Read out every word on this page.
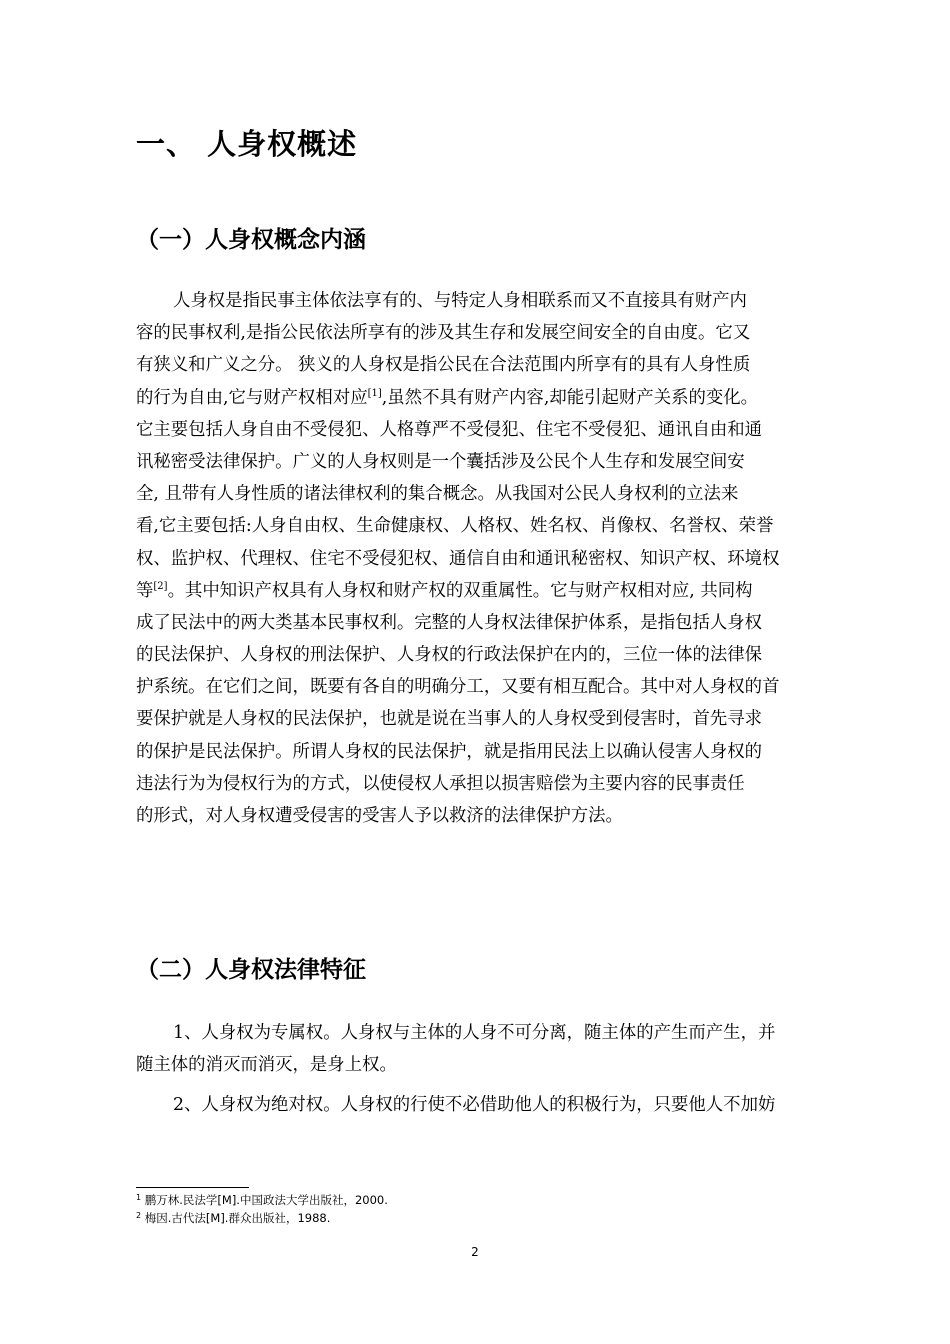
一、 人身权概述
（一）人身权概念内涵
人身权是指民事主体依法享有的、与特定人身相联系而又不直接具有财产内
容的民事权利,是指公民依法所享有的涉及其生存和发展空间安全的自由度。它又
有狭义和广义之分。 狭义的人身权是指公民在合法范围内所享有的具有人身性质
的行为自由,它与财产权相对应[1],虽然不具有财产内容,却能引起财产关系的变化。
它主要包括人身自由不受侵犯、人格尊严不受侵犯、住宅不受侵犯、通讯自由和通
讯秘密受法律保护。广义的人身权则是一个囊括涉及公民个人生存和发展空间安
全, 且带有人身性质的诸法律权利的集合概念。从我国对公民人身权利的立法来
看,它主要包括:人身自由权、生命健康权、人格权、姓名权、肖像权、名誉权、荣誉
权、监护权、代理权、住宅不受侵犯权、通信自由和通讯秘密权、知识产权、环境权
等[2]。其中知识产权具有人身权和财产权的双重属性。它与财产权相对应, 共同构
成了民法中的两大类基本民事权利。完整的人身权法律保护体系，是指包括人身权
的民法保护、人身权的刑法保护、人身权的行政法保护在内的，三位一体的法律保
护系统。在它们之间，既要有各自的明确分工，又要有相互配合。其中对人身权的首
要保护就是人身权的民法保护，也就是说在当事人的人身权受到侵害时，首先寻求
的保护是民法保护。所谓人身权的民法保护，就是指用民法上以确认侵害人身权的
违法行为为侵权行为的方式，以使侵权人承担以损害赔偿为主要内容的民事责任
的形式，对人身权遭受侵害的受害人予以救济的法律保护方法。
（二）人身权法律特征
1、人身权为专属权。人身权与主体的人身不可分离，随主体的产生而产生，并
随主体的消灭而消灭，是身上权。
2、人身权为绝对权。人身权的行使不必借助他人的积极行为，只要他人不加妨
$^1$ 鹏万林.民法学[M].中国政法大学出版社，2000.
$^2$ 梅因.古代法[M].群众出版社，1988.
2
